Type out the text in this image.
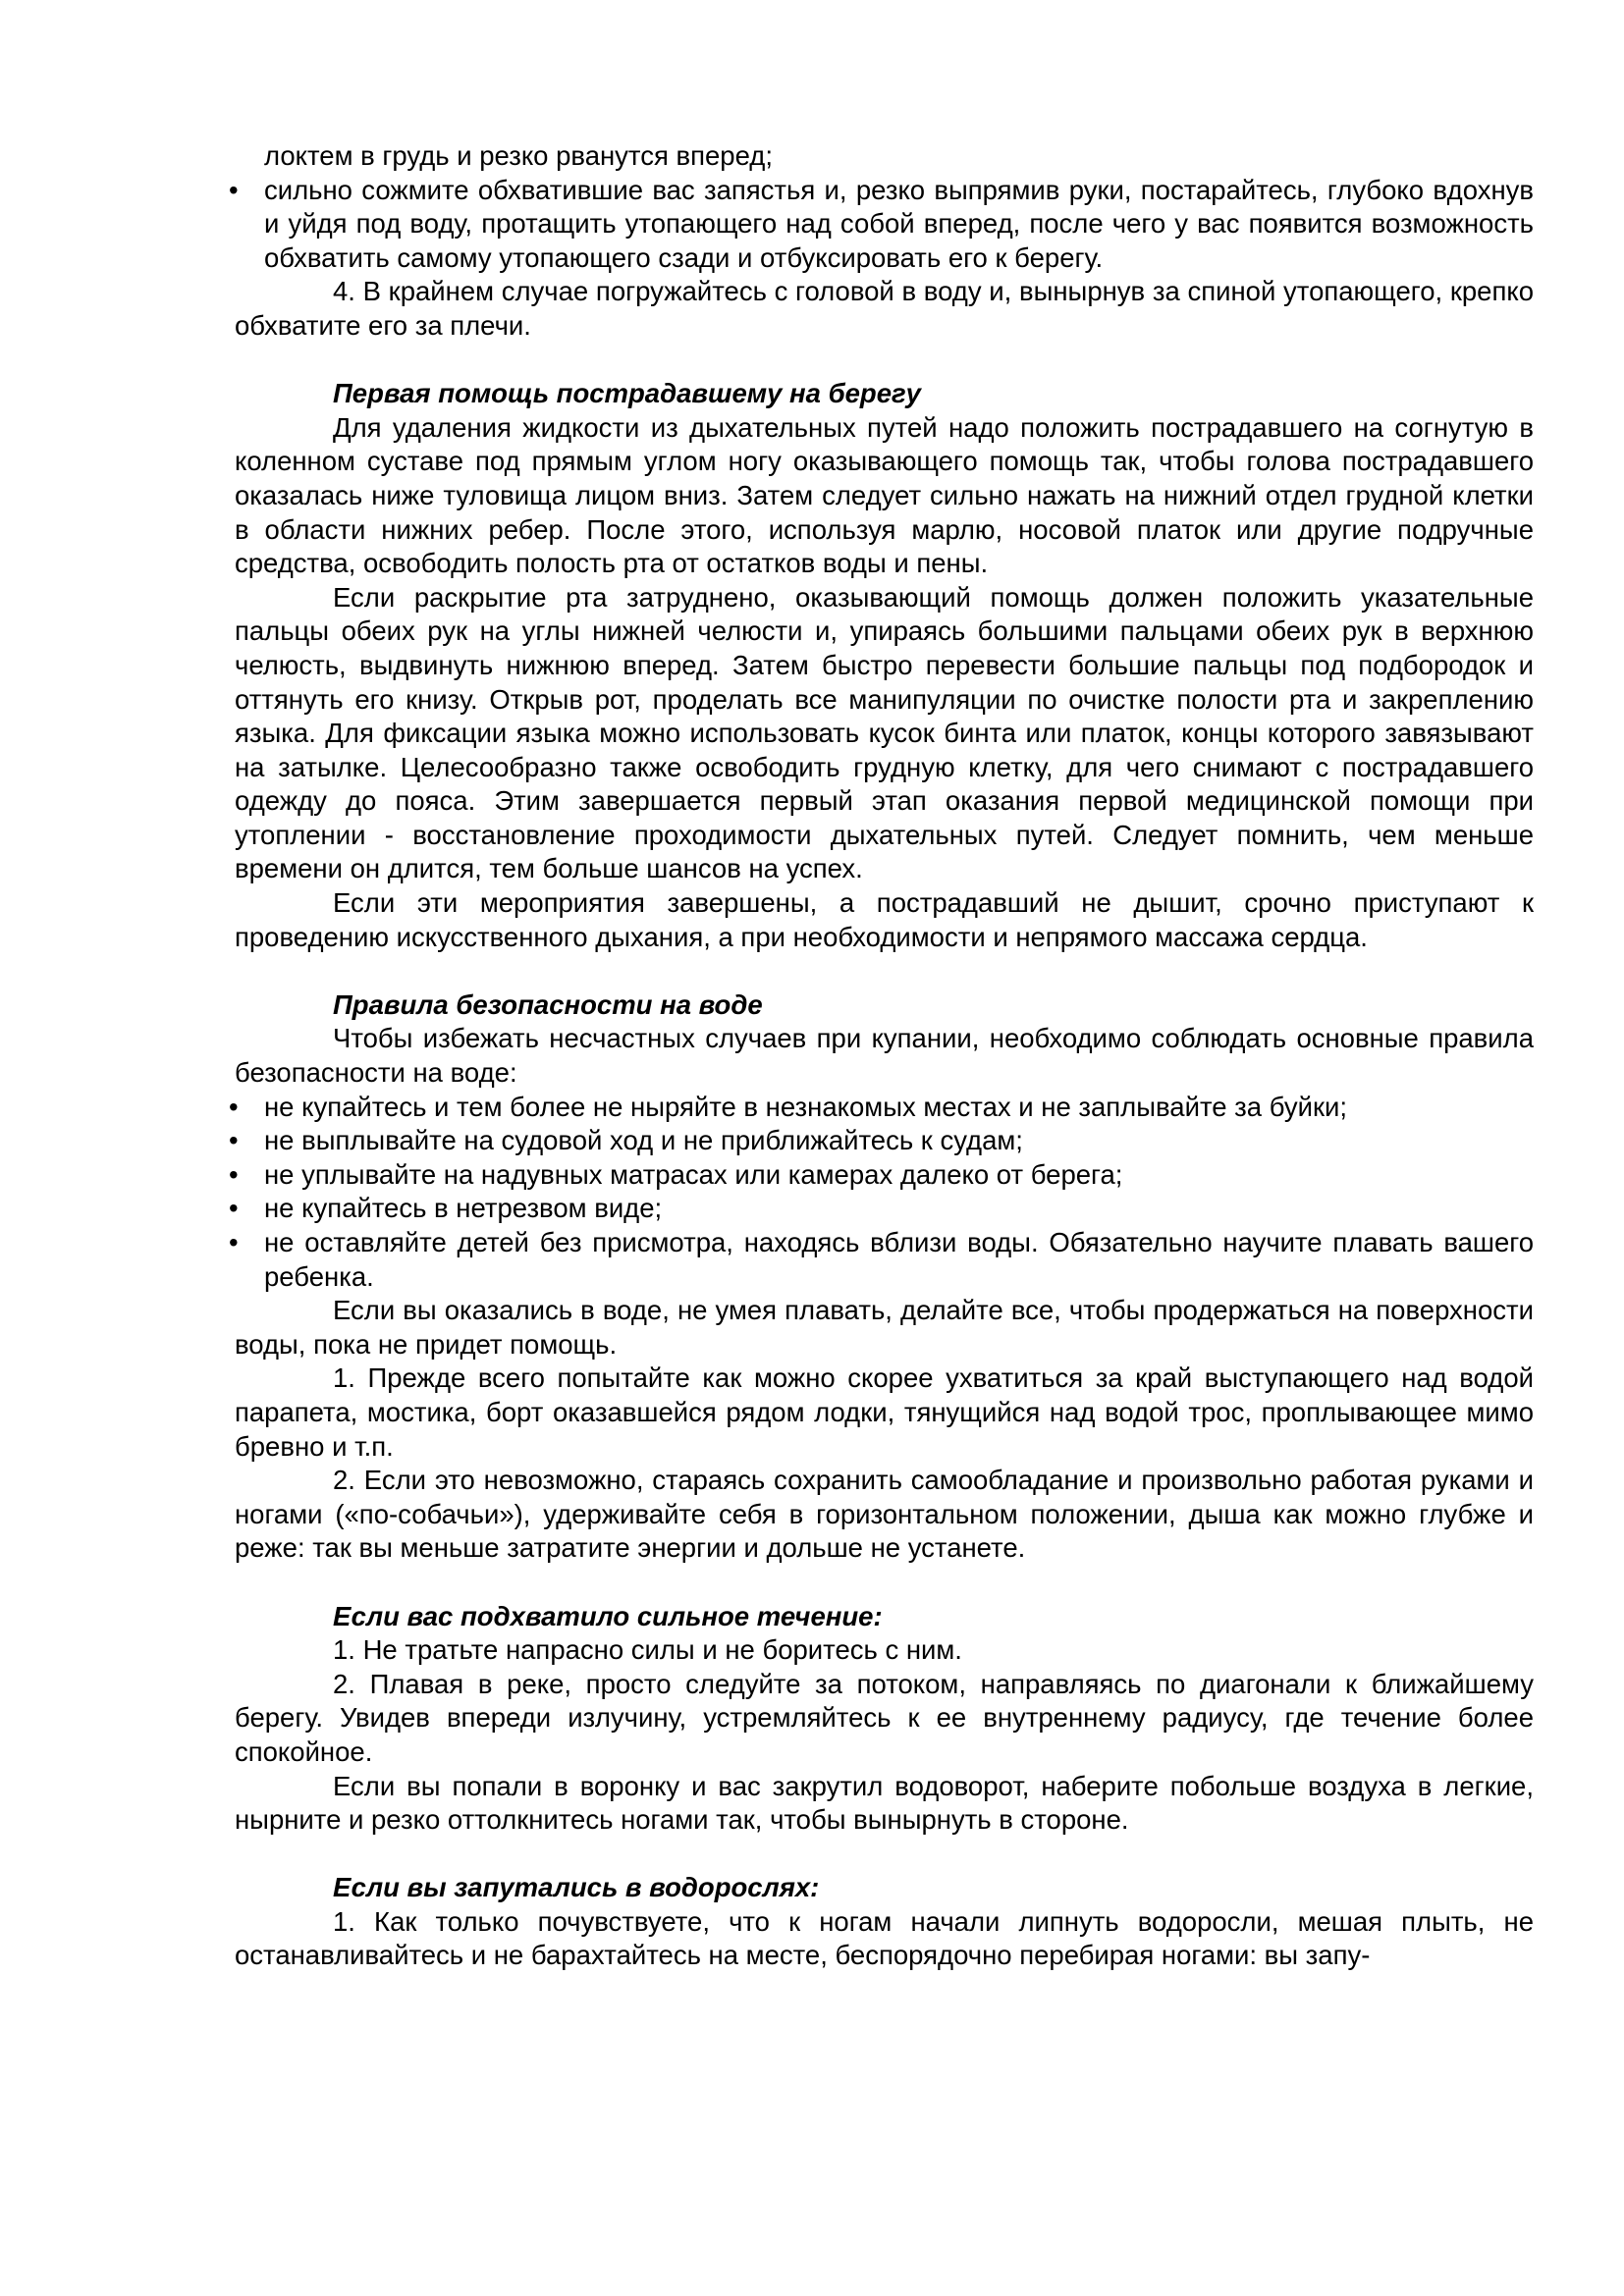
локтем в грудь и резко рванутся вперед;

• сильно сожмите обхватившие вас запястья и, резко выпрямив руки, постарайтесь, глубоко вдохнув и уйдя под воду, протащить утопающего над собой вперед, после чего у вас появится возможность обхватить самому утопающего сзади и отбуксировать его к берегу.

4. В крайнем случае погружайтесь с головой в воду и, вынырнув за спиной утопающего, крепко обхватите его за плечи.

Первая помощь пострадавшему на берегу

Для удаления жидкости из дыхательных путей надо положить пострадавшего на согнутую в коленном суставе под прямым углом ногу оказывающего помощь так, чтобы голова пострадавшего оказалась ниже туловища лицом вниз. Затем следует сильно нажать на нижний отдел грудной клетки в области нижних ребер. После этого, используя марлю, носовой платок или другие подручные средства, освободить полость рта от остатков воды и пены.

Если раскрытие рта затруднено, оказывающий помощь должен положить указательные пальцы обеих рук на углы нижней челюсти и, упираясь большими пальцами обеих рук в верхнюю челюсть, выдвинуть нижнюю вперед. Затем быстро перевести большие пальцы под подбородок и оттянуть его книзу. Открыв рот, проделать все манипуляции по очистке полости рта и закреплению языка. Для фиксации языка можно использовать кусок бинта или платок, концы которого завязывают на затылке. Целесообразно также освободить грудную клетку, для чего снимают с пострадавшего одежду до пояса. Этим завершается первый этап оказания первой медицинской помощи при утоплении - восстановление проходимости дыхательных путей. Следует помнить, чем меньше времени он длится, тем больше шансов на успех.

Если эти мероприятия завершены, а пострадавший не дышит, срочно приступают к проведению искусственного дыхания, а при необходимости и непрямого массажа сердца.

Правила безопасности на воде

Чтобы избежать несчастных случаев при купании, необходимо соблюдать основные правила безопасности на воде:

• не купайтесь и тем более не ныряйте в незнакомых местах и не заплывайте за буйки;
• не выплывайте на судовой ход и не приближайтесь к судам;
• не уплывайте на надувных матрасах или камерах далеко от берега;
• не купайтесь в нетрезвом виде;
• не оставляйте детей без присмотра, находясь вблизи воды. Обязательно научите плавать вашего ребенка.

Если вы оказались в воде, не умея плавать, делайте все, чтобы продержаться на поверхности воды, пока не придет помощь.

1. Прежде всего попытайте как можно скорее ухватиться за край выступающего над водой парапета, мостика, борт оказавшейся рядом лодки, тянущийся над водой трос, проплывающее мимо бревно и т.п.

2. Если это невозможно, стараясь сохранить самообладание и произвольно работая руками и ногами («по-собачьи»), удерживайте себя в горизонтальном положении, дыша как можно глубже и реже: так вы меньше затратите энергии и дольше не устанете.

Если вас подхватило сильное течение:

1. Не тратьте напрасно силы и не боритесь с ним.

2. Плавая в реке, просто следуйте за потоком, направляясь по диагонали к ближайшему берегу. Увидев впереди излучину, устремляйтесь к ее внутреннему радиусу, где течение более спокойное.

Если вы попали в воронку и вас закрутил водоворот, наберите побольше воздуха в легкие, нырните и резко оттолкнитесь ногами так, чтобы вынырнуть в стороне.

Если вы запутались в водорослях:

1. Как только почувствуете, что к ногам начали липнуть водоросли, мешая плыть, не останавливайтесь и не барахтайтесь на месте, беспорядочно перебирая ногами: вы запу-
